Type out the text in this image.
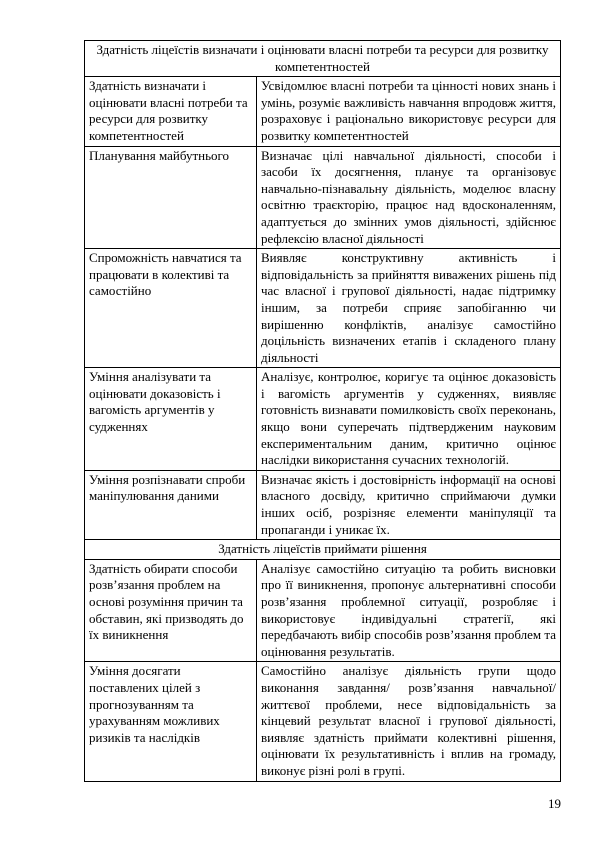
Здатність ліцеїстів визначати і оцінювати власні потреби та ресурси для розвитку компетентностей	
Здатність визначати і оцінювати власні потреби та ресурси для розвитку компетентностей	Усвідомлює власні потреби та цінності нових знань і умінь, розуміє важливість навчання впродовж життя, розраховує і раціонально використовує ресурси для розвитку компетентностей
Планування майбутнього	Визначає цілі навчальної діяльності, способи і засоби їх досягнення, планує та організовує навчально-пізнавальну діяльність, моделює власну освітню траєкторію, працює над вдосконаленням, адаптується до змінних умов діяльності, здійснює рефлексію власної діяльності
Спроможність навчатися та працювати в колективі та самостійно	Виявляє конструктивну активність і відповідальність за прийняття виважених рішень під час власної і групової діяльності, надає підтримку іншим, за потреби сприяє запобіганню чи вирішенню конфліктів, аналізує самостійно доцільність визначених етапів і складеного плану діяльності
Уміння аналізувати та оцінювати доказовість і вагомість аргументів у судженнях	Аналізує, контролює, коригує та оцінює доказовість і вагомість аргументів у судженнях, виявляє готовність визнавати помилковість своїх переконань, якщо вони суперечать підтвердженим науковим експериментальним даним, критично оцінює наслідки використання сучасних технологій.
Уміння розпізнавати спроби маніпулювання даними	Визначає якість і достовірність інформації на основі власного досвіду, критично сприймаючи думки інших осіб, розрізняє елементи маніпуляції та пропаганди і уникає їх.
Здатність ліцеїстів приймати рішення	
Здатність обирати способи розв’язання проблем на основі розуміння причин та обставин, які призводять до їх виникнення	Аналізує самостійно ситуацію та робить висновки про її виникнення, пропонує альтернативні способи розв’язання проблемної ситуації, розробляє і використовує індивідуальні стратегії, які передбачають вибір способів розв’язання проблем та оцінювання результатів.
Уміння досягати поставлених цілей з прогнозуванням та урахуванням можливих ризиків та наслідків	Самостійно аналізує діяльність групи щодо виконання завдання/ розв’язання навчальної/ життєвої проблеми, несе відповідальність за кінцевий результат власної і групової діяльності, виявляє здатність приймати колективні рішення, оцінювати їх результативність і вплив на громаду, виконує різні ролі в групі.
19
